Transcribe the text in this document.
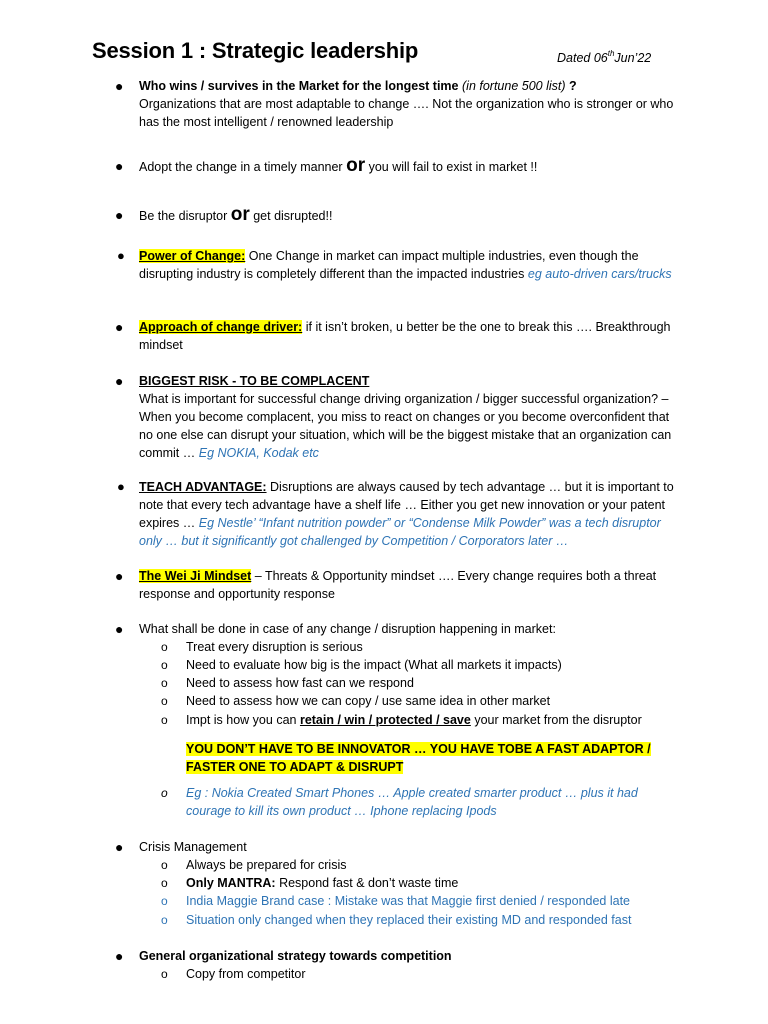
Session 1 : Strategic leadership	Dated 06thJun’22
● Who wins / survives in the Market for the longest time (in fortune 500 list) ?
Organizations that are most adaptable to change …. Not the organization who is stronger or who has the most intelligent / renowned leadership
● Adopt the change in a timely manner or you will fail to exist in market !!
● Be the disruptor or get disrupted!!
● Power of Change: One Change in market can impact multiple industries, even though the disrupting industry is completely different than the impacted industries eg auto-driven cars/trucks
● Approach of change driver: if it isn’t broken, u better be the one to break this …. Breakthrough mindset
● BIGGEST RISK - TO BE COMPLACENT
What is important for successful change driving organization / bigger successful organization? – When you become complacent, you miss to react on changes or you become overconfident that no one else can disrupt your situation, which will be the biggest mistake that an organization can commit … Eg NOKIA, Kodak etc
● TEACH ADVANTAGE: Disruptions are always caused by tech advantage … but it is important to note that every tech advantage have a shelf life … Either you get new innovation or your patent expires … Eg Nestle’ “Infant nutrition powder” or “Condense Milk Powder” was a tech disruptor only … but it significantly got challenged by Competition / Corporators later …
● The Wei Ji Mindset – Threats & Opportunity mindset …. Every change requires both a threat response and opportunity response
● What shall be done in case of any change / disruption happening in market:
o Treat every disruption is serious
o Need to evaluate how big is the impact (What all markets it impacts)
o Need to assess how fast can we respond
o Need to assess how we can copy / use same idea in other market
o Impt is how you can retain / win / protected / save your market from the disruptor
YOU DON’T HAVE TO BE INNOVATOR … YOU HAVE TOBE A FAST ADAPTOR /
FASTER ONE TO ADAPT & DISRUPT
o Eg : Nokia Created Smart Phones … Apple created smarter product … plus it had courage to kill its own product … Iphone replacing Ipods
● Crisis Management
o Always be prepared for crisis
o Only MANTRA: Respond fast & don’t waste time
o India Maggie Brand case : Mistake was that Maggie first denied / responded late
o Situation only changed when they replaced their existing MD and responded fast
● General organizational strategy towards competition
o Copy from competitor
